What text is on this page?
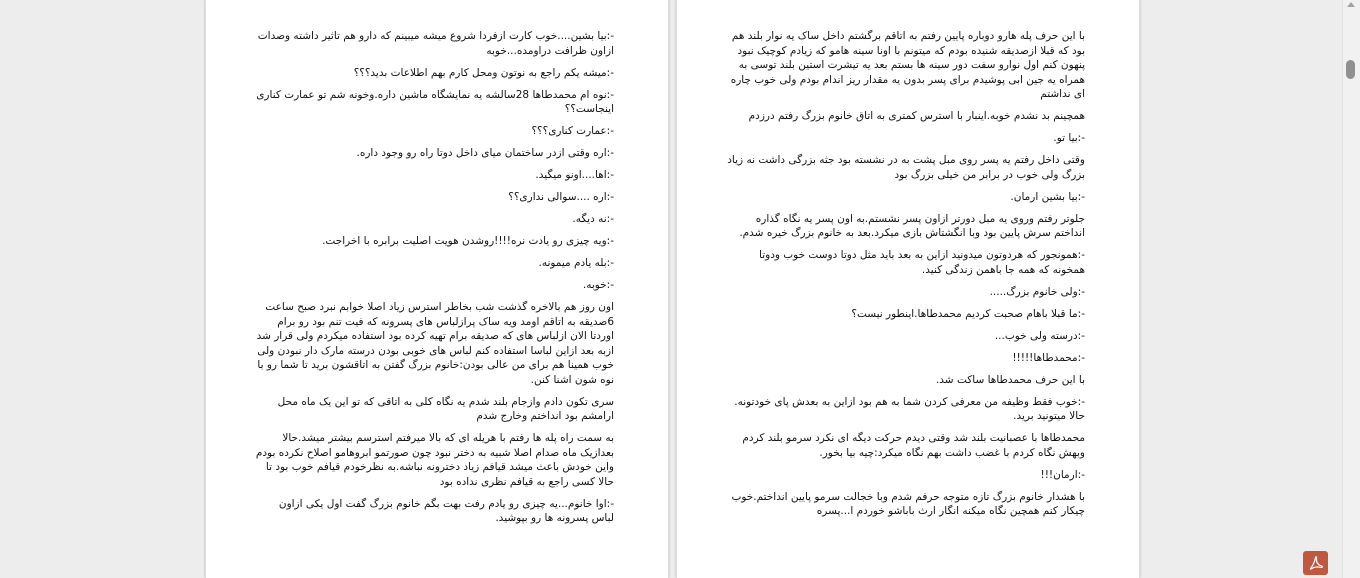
-:بیا بشین....خوب کارت ازفردا شروع میشه میبینم که دارو هم تاثیر داشته وصدات ازاون ظرافت دراومده...خوبه

-:میشه یکم راجع به نوتون ومحل کارم بهم اطلاعات بدید؟؟؟

-:نوه ام محمدطاها 28سالشه یه نمایشگاه ماشین داره.وخونه شم تو عمارت کناری اینجاست؟؟

-:عمارت کناری؟؟؟

-:اره وقتی ازدر ساختمان میای داخل دوتا راه رو وجود داره.

-:اها....اونو میگید.

-:اره ....سوالی نداری؟؟

-:نه دیگه.

-:ویه چیزی رو یادت نره!!!!روشدن هویت اصلیت برابره با اخراجت.

-:بله یادم میمونه.

-:خوبه.

اون روز هم بالاخره گذشت شب بخاطر استرس زیاد اصلا خوابم نبرد صبح ساعت 6صدیقه به اتاقم اومد ویه ساک پرازلباس های پسرونه که فیت تنم بود رو برام اوردتا الان ازلباس های که صدیقه برام تهیه کرده بود استفاده میکردم ولی قرار شد ازبه بعد ازاین لباسا استفاده کنم لباس های خوبی بودن درسته مارک دار نبودن ولی خوب همینا هم برای من عالی بودن:خانوم بزرگ گفتن به اتاقشون برید تا شما رو با نوه شون اشنا کنن.

سری تکون دادم وازجام بلند شدم یه نگاه کلی به اتاقی که تو این یک ماه محل ارامشم بود انداختم وخارج شدم

به سمت راه پله ها رفتم با هریله ای که بالا میرفتم استرسم بیشتر میشد.حالا بعدازیک ماه صدام اصلا شبیه به دختر نبود چون صورتمو ابروهامو اصلاح نکرده بودم واین خودش باعث میشد قیافم زیاد دخترونه نباشه.به نظرخودم قیافم خوب بود تا حالا کسی راجع به قیافم نظری نداده بود

-:اوا خانوم...یه چیزی رو یادم رفت بهت بگم خانوم بزرگ گفت اول یکی ازاون لباس پسرونه ها رو بپوشید.

با این حرف پله هارو دوباره پایین رفتم به اتاقم برگشتم داخل ساک یه نوار بلند هم بود که قبلا ازصدیقه شنیده بودم که میتونم با اونا سینه هامو که زیادم کوچیک نبود پنهون کنم اول نوارو سفت دور سینه ها بستم بعد یه تیشرت استین بلند توسی به همراه یه جین ابی پوشیدم برای پسر بدون یه مقدار ریز اندام بودم ولی خوب چاره ای نداشتم

همچینم بد نشدم خوبه.اینبار با استرس کمتری به اتاق خانوم بزرگ رفتم درزدم

-:بیا تو.

وقتی داخل رفتم یه پسر روی مبل پشت به در نشسته بود جثه بزرگی داشت نه زیاد بزرگ ولی خوب در برابر من خیلی بزرگ بود

-:بیا بشین ارمان.

جلوتر رفتم وروی یه مبل دورتر ازاون پسر نشستم.به اون پسر یه نگاه گذاره انداختم سرش پایین بود وبا انگشتاش بازی میکرد.بعد به خانوم بزرگ خیره شدم.

-:همونجور که هردوتون میدونید ازاین به بعد باید مثل دوتا دوست خوب ودوتا همخونه که همه جا باهمن زندگی کنید.

-:ولی خانوم بزرگ.....

-:ما قبلا باهام صحبت کردیم محمدطاها.اینطور نیست؟

-:درسته ولی خوب...

-:محمدطاها!!!!!

با این حرف محمدطاها ساکت شد.

-:خوب فقط وظیفه من معرفی کردن شما به هم بود ازاین به بعدش پای خودتونه. حالا میتونید برید.

محمدطاها با عصبانیت بلند شد وقتی دیدم حرکت دیگه ای نکرد سرمو بلند کردم وبهش نگاه کردم با غضب داشت بهم نگاه میکرد:چیه بیا بخور.

-:ارمان!!!

با هشدار خانوم بزرگ تازه متوجه حرفم شدم وبا خجالت سرمو پایین انداختم.خوب چیکار کنم همچین نگاه میکنه انگار ارث باباشو خوردم ا...پسره
